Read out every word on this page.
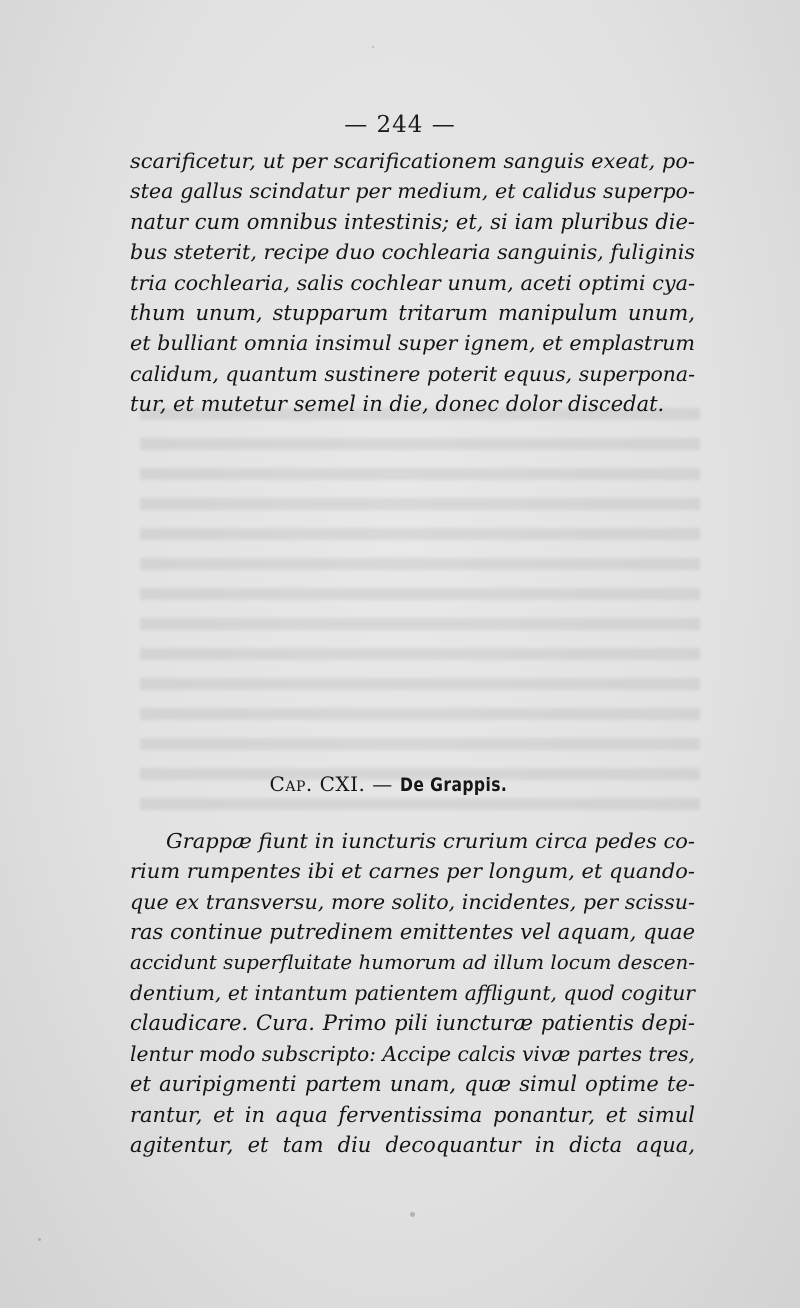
— 244 —
scarificetur, ut per scarificationem sanguis exeat, po-
stea gallus scindatur per medium, et calidus superpo-
natur cum omnibus intestinis; et, si iam pluribus die-
bus steterit, recipe duo cochlearia sanguinis, fuliginis
tria cochlearia, salis cochlear unum, aceti optimi cya-
thum unum, stupparum tritarum manipulum unum,
et bulliant omnia insimul super ignem, et emplastrum
calidum, quantum sustinere poterit equus, superpona-
tur, et mutetur semel in die, donec dolor discedat.
Cap. CXI. — De Grappis.
Grappæ fiunt in iuncturis crurium circa pedes co-
rium rumpentes ibi et carnes per longum, et quando-
que ex transversu, more solito, incidentes, per scissu-
ras continue putredinem emittentes vel aquam, quae
accidunt superfluitate humorum ad illum locum descen-
dentium, et intantum patientem affligunt, quod cogitur
claudicare. Cura. Primo pili iuncturæ patientis depi-
lentur modo subscripto: Accipe calcis vivæ partes tres,
et auripigmenti partem unam, quæ simul optime te-
rantur, et in aqua ferventissima ponantur, et simul
agitentur, et tam diu decoquantur in dicta aqua,
